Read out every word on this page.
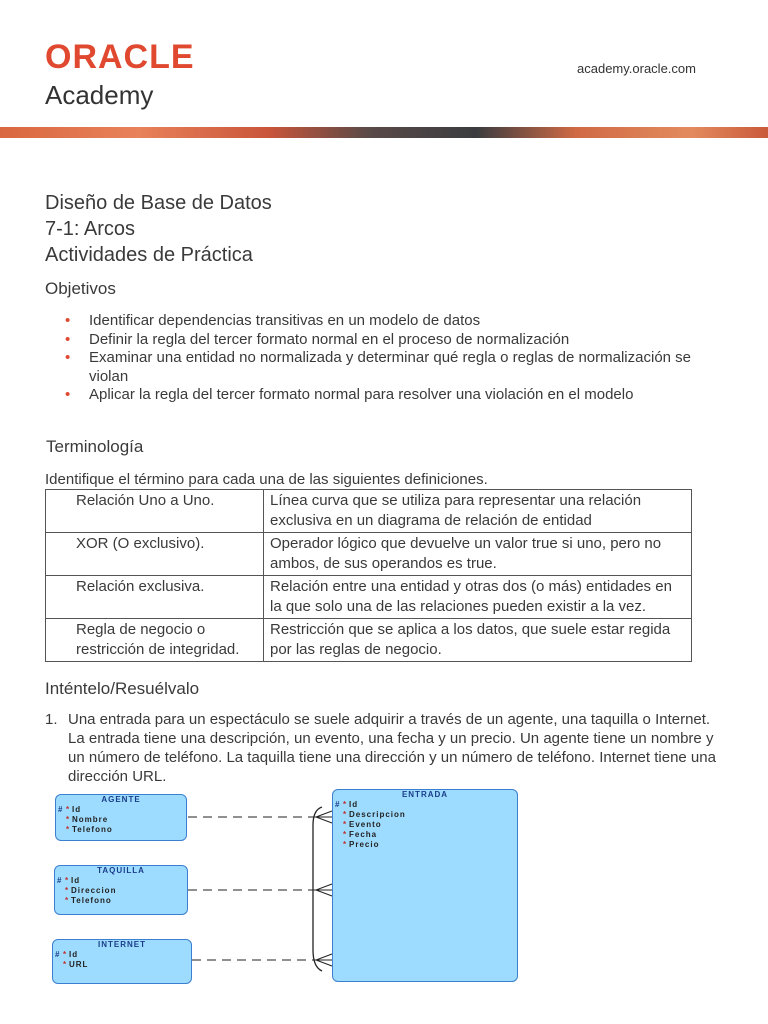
ORACLE
Academy
academy.oracle.com
Diseño de Base de Datos
7-1: Arcos
Actividades de Práctica
Objetivos
• Identificar dependencias transitivas en un modelo de datos
• Definir la regla del tercer formato normal en el proceso de normalización
• Examinar una entidad no normalizada y determinar qué regla o reglas de normalización se violan
• Aplicar la regla del tercer formato normal para resolver una violación en el modelo
Terminología
Identifique el término para cada una de las siguientes definiciones.
Relación Uno a Uno.	Línea curva que se utiliza para representar una relación exclusiva en un diagrama de relación de entidad
XOR (O exclusivo).	Operador lógico que devuelve un valor true si uno, pero no ambos, de sus operandos es true.
Relación exclusiva.	Relación entre una entidad y otras dos (o más) entidades en la que solo una de las relaciones pueden existir a la vez.
Regla de negocio o restricción de integridad.	Restricción que se aplica a los datos, que suele estar regida por las reglas de negocio.
Inténtelo/Resuélvalo
1. Una entrada para un espectáculo se suele adquirir a través de un agente, una taquilla o Internet. La entrada tiene una descripción, un evento, una fecha y un precio. Un agente tiene un nombre y un número de teléfono. La taquilla tiene una dirección y un número de teléfono. Internet tiene una dirección URL.
AGENTE
# * Id
* Nombre
* Telefono
TAQUILLA
# * Id
* Direccion
* Telefono
INTERNET
# * Id
* URL
ENTRADA
# * Id
* Descripcion
* Evento
* Fecha
* Precio
